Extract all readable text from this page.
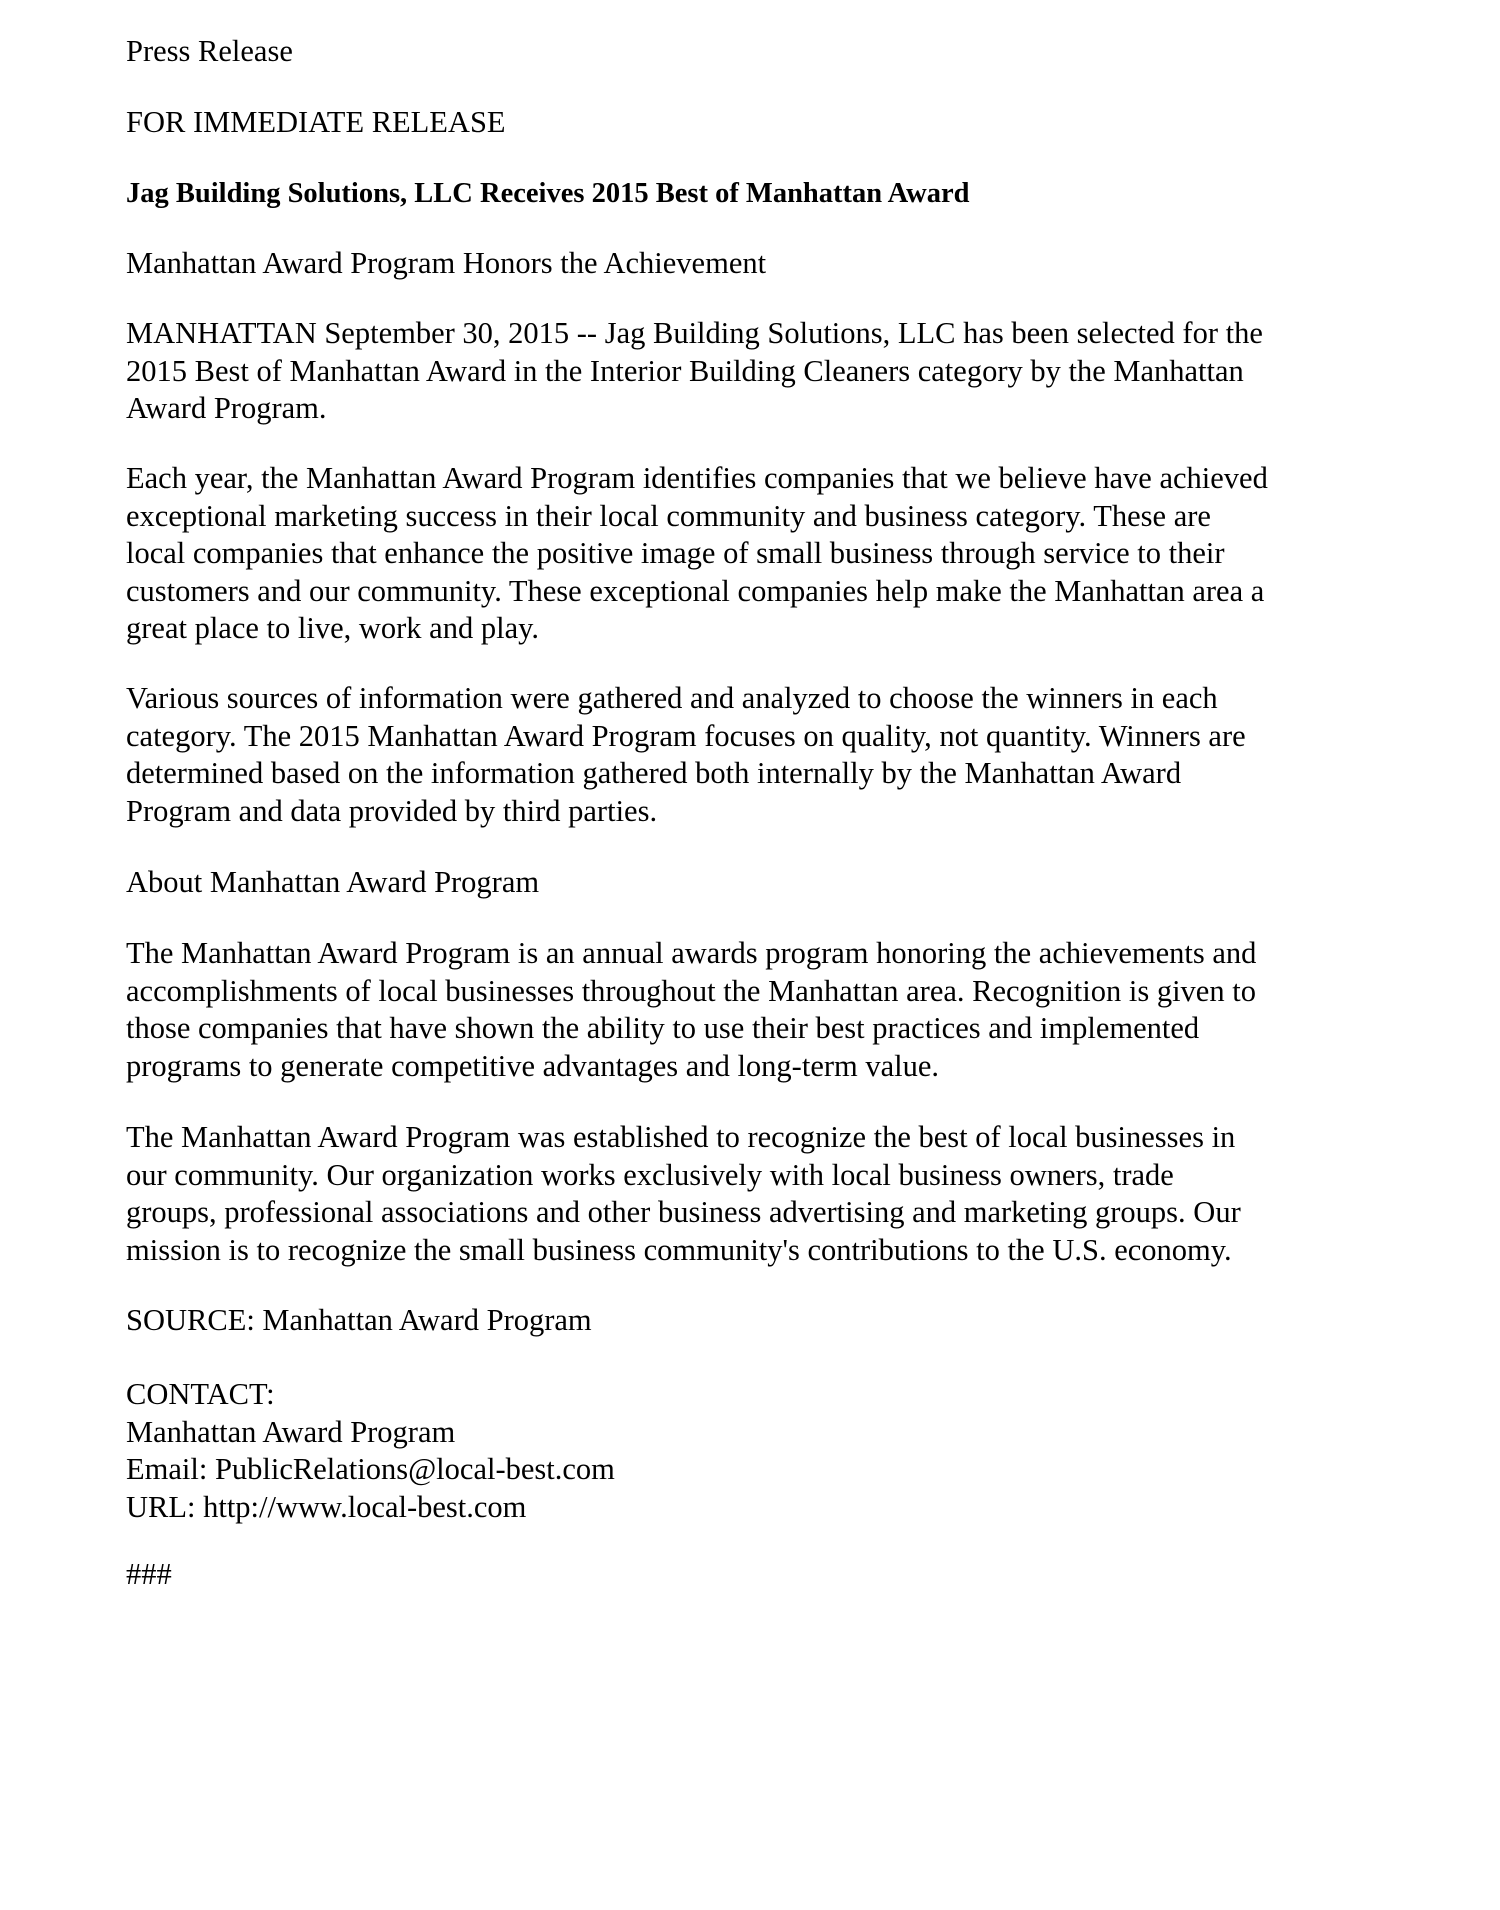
Press Release

FOR IMMEDIATE RELEASE

Jag Building Solutions, LLC Receives 2015 Best of Manhattan Award

Manhattan Award Program Honors the Achievement

MANHATTAN September 30, 2015 -- Jag Building Solutions, LLC has been selected for the
2015 Best of Manhattan Award in the Interior Building Cleaners category by the Manhattan
Award Program.

Each year, the Manhattan Award Program identifies companies that we believe have achieved
exceptional marketing success in their local community and business category. These are
local companies that enhance the positive image of small business through service to their
customers and our community. These exceptional companies help make the Manhattan area a
great place to live, work and play.

Various sources of information were gathered and analyzed to choose the winners in each
category. The 2015 Manhattan Award Program focuses on quality, not quantity. Winners are
determined based on the information gathered both internally by the Manhattan Award
Program and data provided by third parties.

About Manhattan Award Program

The Manhattan Award Program is an annual awards program honoring the achievements and
accomplishments of local businesses throughout the Manhattan area. Recognition is given to
those companies that have shown the ability to use their best practices and implemented
programs to generate competitive advantages and long-term value.

The Manhattan Award Program was established to recognize the best of local businesses in
our community. Our organization works exclusively with local business owners, trade
groups, professional associations and other business advertising and marketing groups. Our
mission is to recognize the small business community's contributions to the U.S. economy.

SOURCE: Manhattan Award Program

CONTACT:
Manhattan Award Program
Email: PublicRelations@local-best.com
URL: http://www.local-best.com

###
